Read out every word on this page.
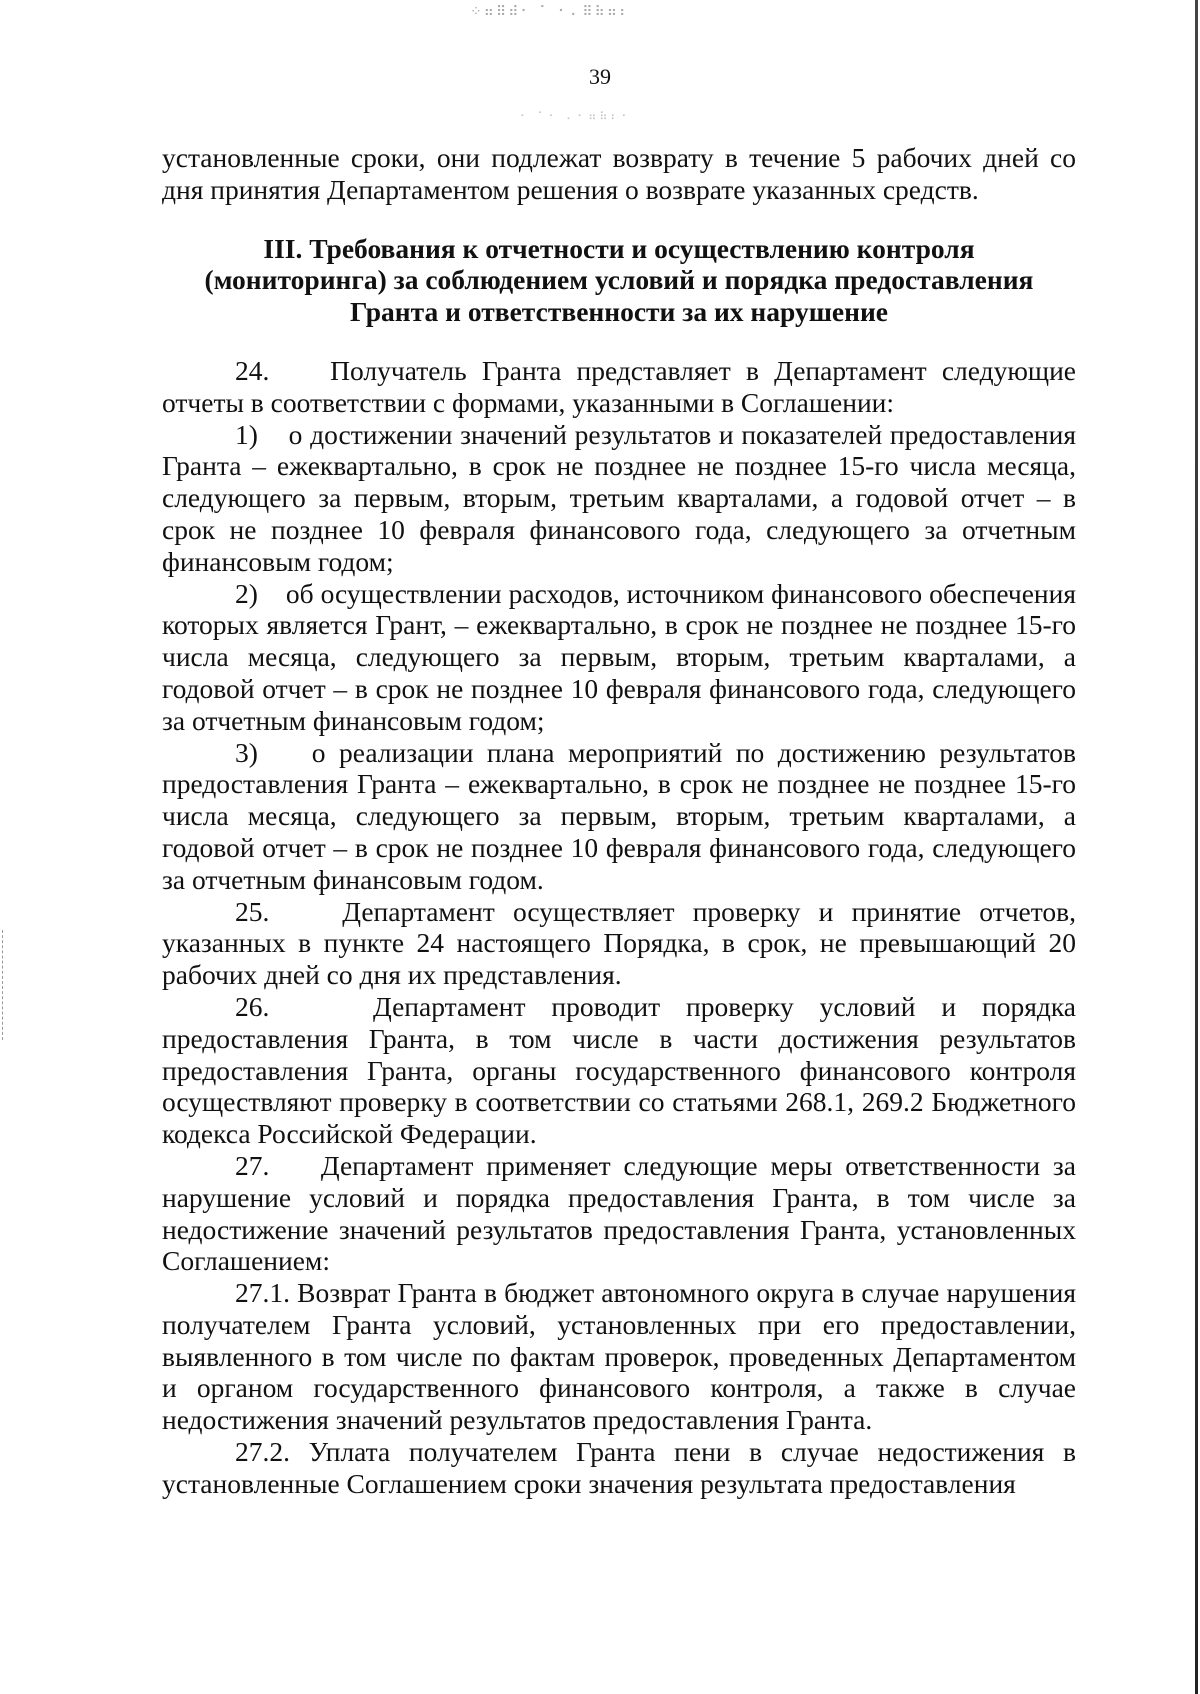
⁘⠶⠿⠾⠂ ⠁ ⠂⠄⠿⠷⠶⠆
⠂ ⠁⠂ ⠄⠂⠶⠷⠆⠂
39

установленные сроки, они подлежат возврату в течение 5 рабочих дней со дня принятия Департаментом решения о возврате указанных средств.

III. Требования к отчетности и осуществлению контроля (мониторинга) за соблюдением условий и порядка предоставления Гранта и ответственности за их нарушение

24.    Получатель Гранта представляет в Департамент следующие отчеты в соответствии с формами, указанными в Соглашении:

1)    о достижении значений результатов и показателей предоставления Гранта – ежеквартально, в срок не позднее не позднее 15-го числа месяца, следующего за первым, вторым, третьим кварталами, а годовой отчет – в срок не позднее 10 февраля финансового года, следующего за отчетным финансовым годом;

2)    об осуществлении расходов, источником финансового обеспечения которых является Грант, – ежеквартально, в срок не позднее не позднее 15-го числа месяца, следующего за первым, вторым, третьим кварталами, а годовой отчет – в срок не позднее 10 февраля финансового года, следующего за отчетным финансовым годом;

3)    о реализации плана мероприятий по достижению результатов предоставления Гранта – ежеквартально, в срок не позднее не позднее 15-го числа месяца, следующего за первым, вторым, третьим кварталами, а годовой отчет – в срок не позднее 10 февраля финансового года, следующего за отчетным финансовым годом.

25.    Департамент осуществляет проверку и принятие отчетов, указанных в пункте 24 настоящего Порядка, в срок, не превышающий 20 рабочих дней со дня их представления.

26.    Департамент проводит проверку условий и порядка предоставления Гранта, в том числе в части достижения результатов предоставления Гранта, органы государственного финансового контроля осуществляют проверку в соответствии со статьями 268.1, 269.2 Бюджетного кодекса Российской Федерации.

27.    Департамент применяет следующие меры ответственности за нарушение условий и порядка предоставления Гранта, в том числе за недостижение значений результатов предоставления Гранта, установленных Соглашением:

27.1. Возврат Гранта в бюджет автономного округа в случае нарушения получателем Гранта условий, установленных при его предоставлении, выявленного в том числе по фактам проверок, проведенных Департаментом и органом государственного финансового контроля, а также в случае недостижения значений результатов предоставления Гранта.

27.2. Уплата получателем Гранта пени в случае недостижения в установленные Соглашением сроки значения результата предоставления
